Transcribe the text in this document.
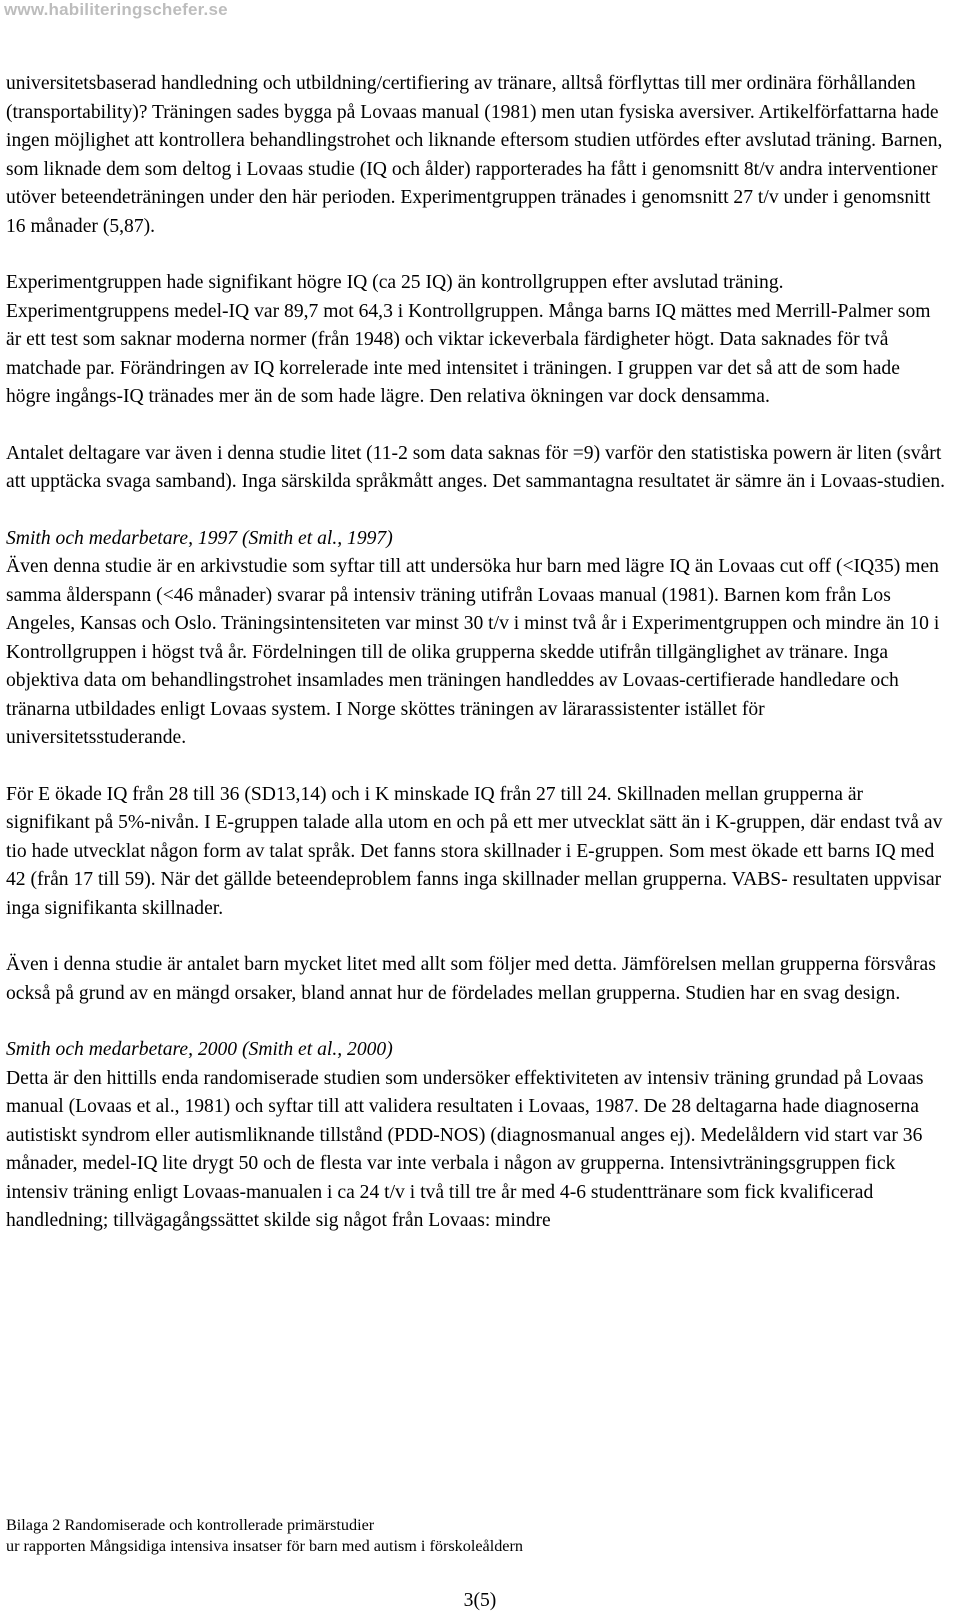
www.habiliteringschefer.se

universitetsbaserad handledning och utbildning/certifiering av tränare, alltså förflyttas till mer ordinära förhållanden (transportability)? Träningen sades bygga på Lovaas manual (1981) men utan fysiska aversiver. Artikelförfattarna hade ingen möjlighet att kontrollera behandlingstrohet och liknande eftersom studien utfördes efter avslutad träning. Barnen, som liknade dem som deltog i Lovaas studie (IQ och ålder) rapporterades ha fått i genomsnitt 8t/v andra interventioner utöver beteendeträningen under den här perioden. Experimentgruppen tränades i genomsnitt 27 t/v under i genomsnitt 16 månader (5,87).

Experimentgruppen hade signifikant högre IQ (ca 25 IQ) än kontrollgruppen efter avslutad träning. Experimentgruppens medel-IQ var 89,7 mot 64,3 i Kontrollgruppen. Många barns IQ mättes med Merrill-Palmer som är ett test som saknar moderna normer (från 1948) och viktar ickeverbala färdigheter högt. Data saknades för två matchade par. Förändringen av IQ korrelerade inte med intensitet i träningen. I gruppen var det så att de som hade högre ingångs-IQ tränades mer än de som hade lägre. Den relativa ökningen var dock densamma.

Antalet deltagare var även i denna studie litet (11-2 som data saknas för =9) varför den statistiska powern är liten (svårt att upptäcka svaga samband). Inga särskilda språkmått anges. Det sammantagna resultatet är sämre än i Lovaas-studien.

Smith och medarbetare, 1997 (Smith et al., 1997)

Även denna studie är en arkivstudie som syftar till att undersöka hur barn med lägre IQ än Lovaas cut off (<IQ35) men samma ålderspann (<46 månader) svarar på intensiv träning utifrån Lovaas manual (1981). Barnen kom från Los Angeles, Kansas och Oslo. Träningsintensiteten var minst 30 t/v i minst två år i Experimentgruppen och mindre än 10 i Kontrollgruppen i högst två år. Fördelningen till de olika grupperna skedde utifrån tillgänglighet av tränare. Inga objektiva data om behandlingstrohet insamlades men träningen handleddes av Lovaas-certifierade handledare och tränarna utbildades enligt Lovaas system. I Norge sköttes träningen av lärarassistenter istället för universitetsstuderande.

För E ökade IQ från 28 till 36 (SD13,14) och i K minskade IQ från 27 till 24. Skillnaden mellan grupperna är signifikant på 5%-nivån. I E-gruppen talade alla utom en och på ett mer utvecklat sätt än i K-gruppen, där endast två av tio hade utvecklat någon form av talat språk. Det fanns stora skillnader i E-gruppen. Som mest ökade ett barns IQ med 42 (från 17 till 59). När det gällde beteendeproblem fanns inga skillnader mellan grupperna. VABS- resultaten uppvisar inga signifikanta skillnader.

Även i denna studie är antalet barn mycket litet med allt som följer med detta. Jämförelsen mellan grupperna försvåras också på grund av en mängd orsaker, bland annat hur de fördelades mellan grupperna. Studien har en svag design.

Smith och medarbetare, 2000 (Smith et al., 2000)

Detta är den hittills enda randomiserade studien som undersöker effektiviteten av intensiv träning grundad på Lovaas manual (Lovaas et al., 1981) och syftar till att validera resultaten i Lovaas, 1987. De 28 deltagarna hade diagnoserna autistiskt syndrom eller autismliknande tillstånd (PDD-NOS) (diagnosmanual anges ej). Medelåldern vid start var 36 månader, medel-IQ lite drygt 50 och de flesta var inte verbala i någon av grupperna. Intensivträningsgruppen fick intensiv träning enligt Lovaas-manualen i ca 24 t/v i två till tre år med 4-6 studenttränare som fick kvalificerad handledning; tillvägagångssättet skilde sig något från Lovaas: mindre

Bilaga 2 Randomiserade och kontrollerade primärstudier

ur rapporten Mångsidiga intensiva insatser för barn med autism i förskoleåldern

3(5)
